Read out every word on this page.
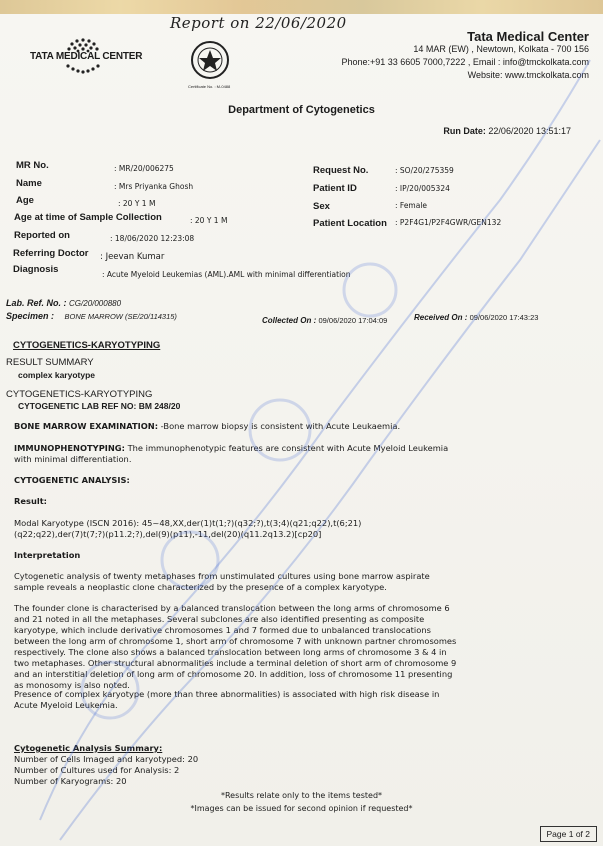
Report on 22/06/2020
TATA MEDICAL CENTER
Certificate No. : M-0488
Tata Medical Center
14 MAR (EW) , Newtown, Kolkata - 700 156
Phone:+91 33 6605 7000,7222 , Email : info@tmckolkata.com
Website: www.tmckolkata.com
Department of Cytogenetics
Run Date: 22/06/2020 13:51:17
MR No.	: MR/20/006275
Name	: Mrs Priyanka Ghosh
Age	: 20 Y 1 M
Age at time of Sample Collection	: 20 Y 1 M
Reported on	: 18/06/2020 12:23:08
Referring Doctor : Jeevan Kumar
Diagnosis	: Acute Myeloid Leukemias (AML).AML with minimal differentiation
Request No.	: SO/20/275359
Patient ID	: IP/20/005324
Sex	: Female
Patient Location : P2F4G1/P2F4GWR/GEN132
Lab. Ref. No. : CG/20/000880
Specimen : BONE MARROW (SE/20/114315)	Collected On : 09/06/2020 17:04:09	Received On : 09/06/2020 17:43:23
CYTOGENETICS-KARYOTYPING
RESULT SUMMARY
complex karyotype
CYTOGENETICS-KARYOTYPING
CYTOGENETIC LAB REF NO: BM 248/20
BONE MARROW EXAMINATION: -Bone marrow biopsy is consistent with Acute Leukaemia.
IMMUNOPHENOTYPING: The immunophenotypic features are consistent with Acute Myeloid Leukemia with minimal differentiation.
CYTOGENETIC ANALYSIS:
Result:
Modal Karyotype (ISCN 2016): 45~48,XX,der(1)t(1;?)(q32;?),t(3;4)(q21;q22),t(6;21)(q22;q22),der(7)t(7;?)(p11.2;?),del(9)(p11),-11,del(20)(q11.2q13.2)[cp20]
Interpretation
Cytogenetic analysis of twenty metaphases from unstimulated cultures using bone marrow aspirate sample reveals a neoplastic clone characterized by the presence of a complex karyotype.
The founder clone is characterised by a balanced translocation between the long arms of chromosome 6 and 21 noted in all the metaphases. Several subclones are also identified presenting as composite karyotype, which include derivative chromosomes 1 and 7 formed due to unbalanced translocations between the long arm of chromosome 1, short arm of chromosome 7 with unknown partner chromosomes respectively. The clone also shows a balanced translocation between long arms of chromosome 3 & 4 in two metaphases. Other structural abnormalities include a terminal deletion of short arm of chromosome 9 and an interstitial deletion of long arm of chromosome 20. In addition, loss of chromosome 11 presenting as monosomy is also noted.
Presence of complex karyotype (more than three abnormalities) is associated with high risk disease in Acute Myeloid Leukemia.
Cytogenetic Analysis Summary:
Number of Cells Imaged and karyotyped: 20
Number of Cultures used for Analysis: 2
Number of Karyograms: 20
*Results relate only to the items tested*
*Images can be issued for second opinion if requested*
Page 1 of 2
